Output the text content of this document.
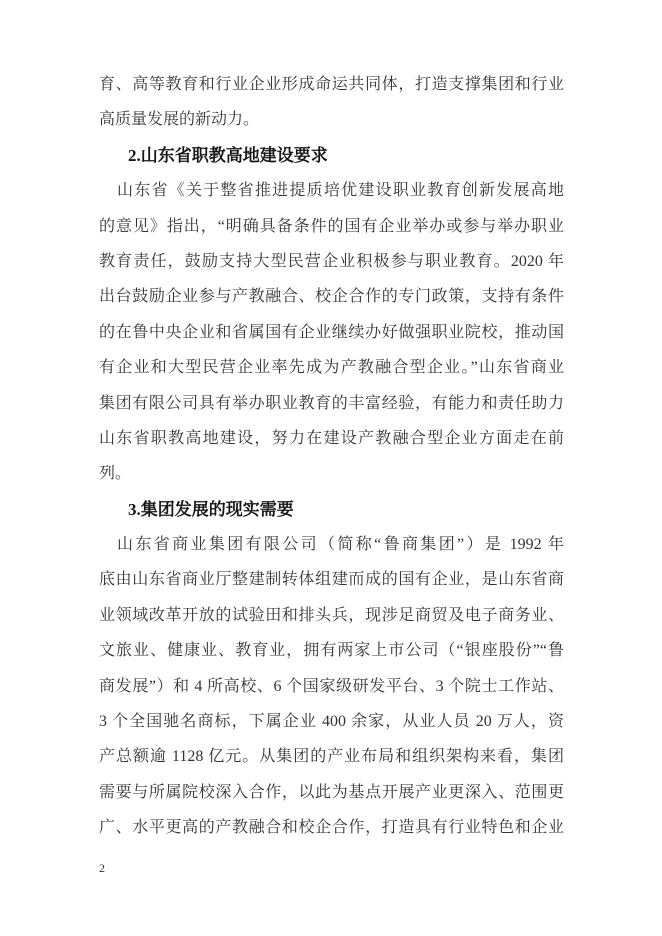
育、高等教育和行业企业形成命运共同体，打造支撑集团和行业
高质量发展的新动力。
2.山东省职教高地建设要求
山东省《关于整省推进提质培优建设职业教育创新发展高地
的意见》指出，“明确具备条件的国有企业举办或参与举办职业
教育责任，鼓励支持大型民营企业积极参与职业教育。2020 年
出台鼓励企业参与产教融合、校企合作的专门政策，支持有条件
的在鲁中央企业和省属国有企业继续办好做强职业院校，推动国
有企业和大型民营企业率先成为产教融合型企业。”山东省商业
集团有限公司具有举办职业教育的丰富经验，有能力和责任助力
山东省职教高地建设，努力在建设产教融合型企业方面走在前
列。
3.集团发展的现实需要
山东省商业集团有限公司（简称“鲁商集团”）是 1992 年
底由山东省商业厅整建制转体组建而成的国有企业，是山东省商
业领域改革开放的试验田和排头兵，现涉足商贸及电子商务业、
文旅业、健康业、教育业，拥有两家上市公司（“银座股份”“鲁
商发展”）和 4 所高校、6 个国家级研发平台、3 个院士工作站、
3 个全国驰名商标，下属企业 400 余家，从业人员 20 万人，资
产总额逾 1128 亿元。从集团的产业布局和组织架构来看，集团
需要与所属院校深入合作，以此为基点开展产业更深入、范围更
广、水平更高的产教融合和校企合作，打造具有行业特色和企业
2
